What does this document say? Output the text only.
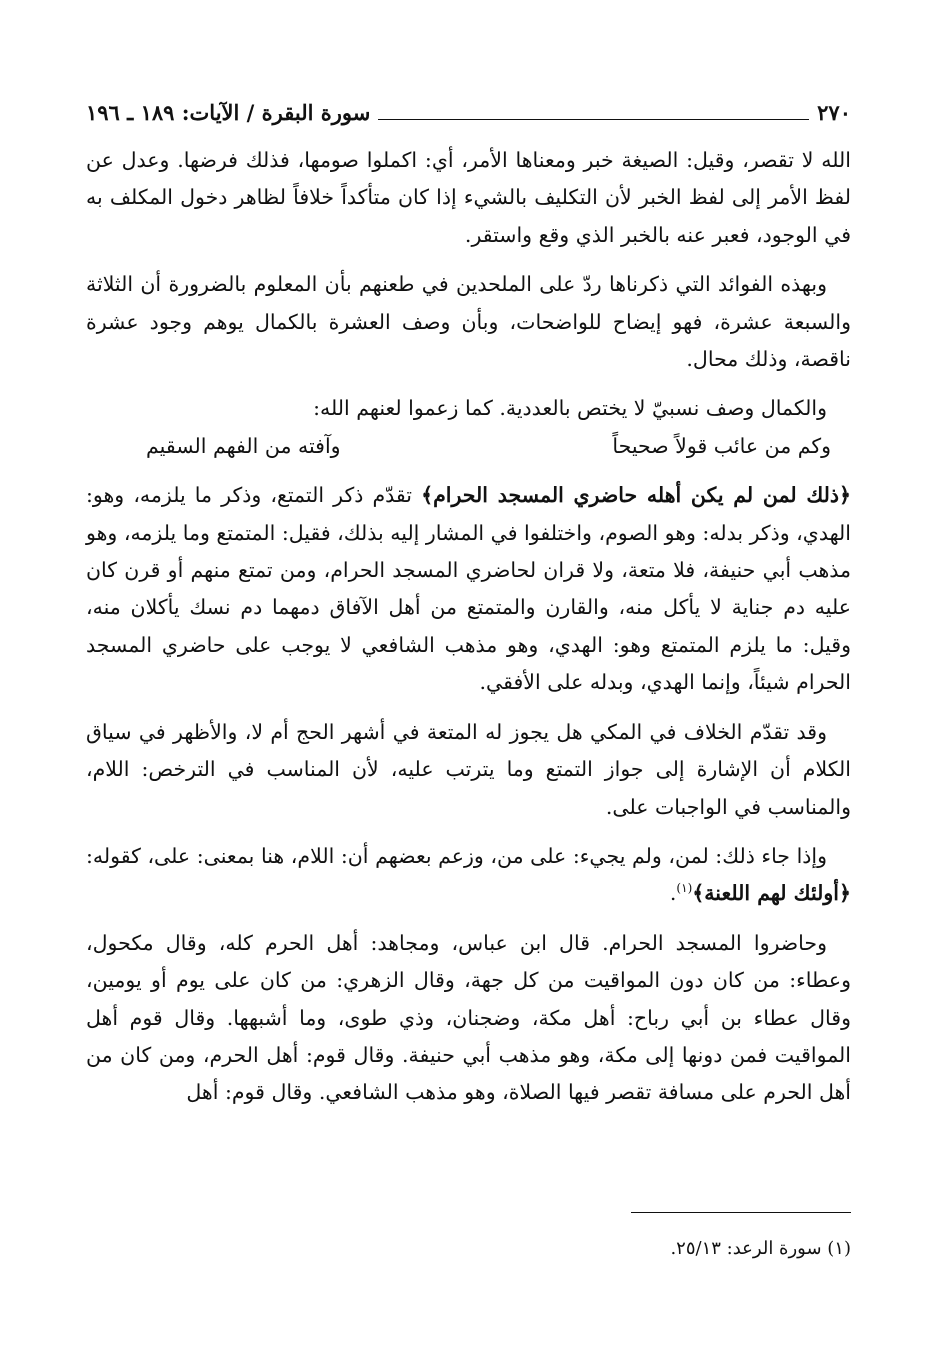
٢٧٠
سورة البقرة / الآيات: ١٨٩ ـ ١٩٦

الله لا تقصر، وقيل: الصيغة خبر ومعناها الأمر، أي: اكملوا صومها، فذلك فرضها. وعدل عن لفظ الأمر إلى لفظ الخبر لأن التكليف بالشيء إذا كان متأكداً خلافاً لظاهر دخول المكلف به في الوجود، فعبر عنه بالخبر الذي وقع واستقر.

وبهذه الفوائد التي ذكرناها ردّ على الملحدين في طعنهم بأن المعلوم بالضرورة أن الثلاثة والسبعة عشرة، فهو إيضاح للواضحات، وبأن وصف العشرة بالكمال يوهم وجود عشرة ناقصة، وذلك محال.

والكمال وصف نسبيّ لا يختص بالعددية. كما زعموا لعنهم الله:

وكم من عائب قولاً صحيحاً
وآفته من الفهم السقيم

﴿ذلك لمن لم يكن أهله حاضري المسجد الحرام﴾ تقدّم ذكر التمتع، وذكر ما يلزمه، وهو: الهدي، وذكر بدله: وهو الصوم، واختلفوا في المشار إليه بذلك، فقيل: المتمتع وما يلزمه، وهو مذهب أبي حنيفة، فلا متعة، ولا قران لحاضري المسجد الحرام، ومن تمتع منهم أو قرن كان عليه دم جناية لا يأكل منه، والقارن والمتمتع من أهل الآفاق دمهما دم نسك يأكلان منه، وقيل: ما يلزم المتمتع وهو: الهدي، وهو مذهب الشافعي لا يوجب على حاضري المسجد الحرام شيئاً، وإنما الهدي، وبدله على الأفقي.

وقد تقدّم الخلاف في المكي هل يجوز له المتعة في أشهر الحج أم لا، والأظهر في سياق الكلام أن الإشارة إلى جواز التمتع وما يترتب عليه، لأن المناسب في الترخص: اللام، والمناسب في الواجبات على.

وإذا جاء ذلك: لمن، ولم يجيء: على من، وزعم بعضهم أن: اللام، هنا بمعنى: على، كقوله: ﴿أولئك لهم اللعنة﴾$^{(١)}$.

وحاضروا المسجد الحرام. قال ابن عباس، ومجاهد: أهل الحرم كله، وقال مكحول، وعطاء: من كان دون المواقيت من كل جهة، وقال الزهري: من كان على يوم أو يومين، وقال عطاء بن أبي رباح: أهل مكة، وضجنان، وذي طوى، وما أشبهها. وقال قوم أهل المواقيت فمن دونها إلى مكة، وهو مذهب أبي حنيفة. وقال قوم: أهل الحرم، ومن كان من أهل الحرم على مسافة تقصر فيها الصلاة، وهو مذهب الشافعي. وقال قوم: أهل

(١) سورة الرعد: ٢٥/١٣.
